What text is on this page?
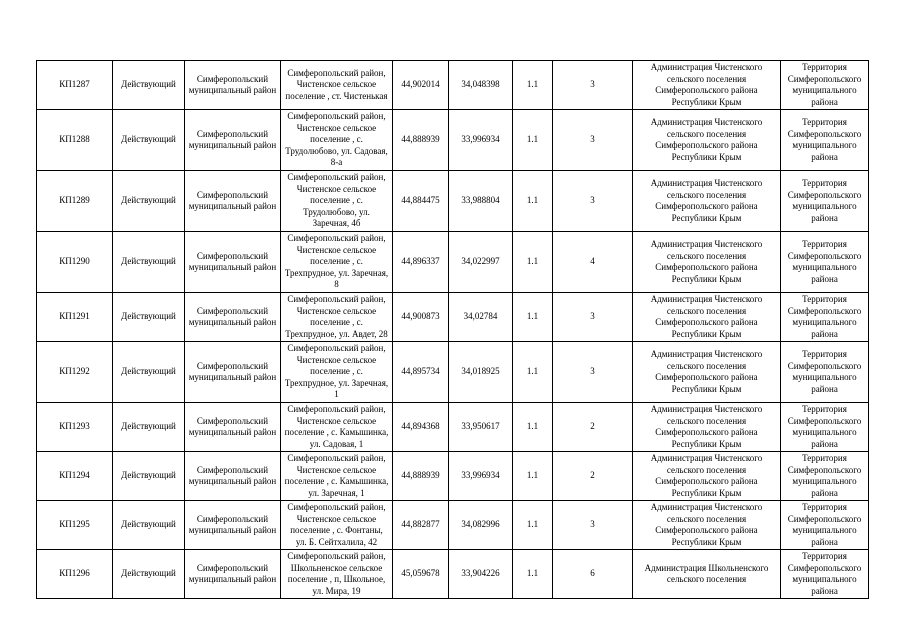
КП1287	Действующий	Симферопольский муниципальный район	Симферопольский район, Чистенское сельское поселение , ст. Чистенькая	44,902014	34,048398	1.1	3	Администрация Чистенского сельского поселения Симферопольского района Республики Крым	Территория Симферопольского муниципального района
КП1288	Действующий	Симферопольский муниципальный район	Симферопольский район, Чистенское сельское поселение , с. Трудолюбово, ул. Садовая, 8-а	44,888939	33,996934	1.1	3	Администрация Чистенского сельского поселения Симферопольского района Республики Крым	Территория Симферопольского муниципального района
КП1289	Действующий	Симферопольский муниципальный район	Симферопольский район, Чистенское сельское поселение , с. Трудолюбово, ул. Заречная, 4б	44,884475	33,988804	1.1	3	Администрация Чистенского сельского поселения Симферопольского района Республики Крым	Территория Симферопольского муниципального района
КП1290	Действующий	Симферопольский муниципальный район	Симферопольский район, Чистенское сельское поселение , с. Трехпрудное, ул. Заречная, 8	44,896337	34,022997	1.1	4	Администрация Чистенского сельского поселения Симферопольского района Республики Крым	Территория Симферопольского муниципального района
КП1291	Действующий	Симферопольский муниципальный район	Симферопольский район, Чистенское сельское поселение , с. Трехпрудное, ул. Авдет, 28	44,900873	34,02784	1.1	3	Администрация Чистенского сельского поселения Симферопольского района Республики Крым	Территория Симферопольского муниципального района
КП1292	Действующий	Симферопольский муниципальный район	Симферопольский район, Чистенское сельское поселение , с. Трехпрудное, ул. Заречная, 1	44,895734	34,018925	1.1	3	Администрация Чистенского сельского поселения Симферопольского района Республики Крым	Территория Симферопольского муниципального района
КП1293	Действующий	Симферопольский муниципальный район	Симферопольский район, Чистенское сельское поселение , с. Камышинка, ул. Садовая, 1	44,894368	33,950617	1.1	2	Администрация Чистенского сельского поселения Симферопольского района Республики Крым	Территория Симферопольского муниципального района
КП1294	Действующий	Симферопольский муниципальный район	Симферопольский район, Чистенское сельское поселение , с. Камышинка, ул. Заречная, 1	44,888939	33,996934	1.1	2	Администрация Чистенского сельского поселения Симферопольского района Республики Крым	Территория Симферопольского муниципального района
КП1295	Действующий	Симферопольский муниципальный район	Симферопольский район, Чистенское сельское поселение , с. Фонтаны, ул. Б. Сейтхалила, 42	44,882877	34,082996	1.1	3	Администрация Чистенского сельского поселения Симферопольского района Республики Крым	Территория Симферопольского муниципального района
КП1296	Действующий	Симферопольский муниципальный район	Симферопольский район, Школьненское сельское поселение , п, Школьное, ул. Мира, 19	45,059678	33,904226	1.1	6	Администрация Школьненского сельского поселения	Территория Симферопольского муниципального района
